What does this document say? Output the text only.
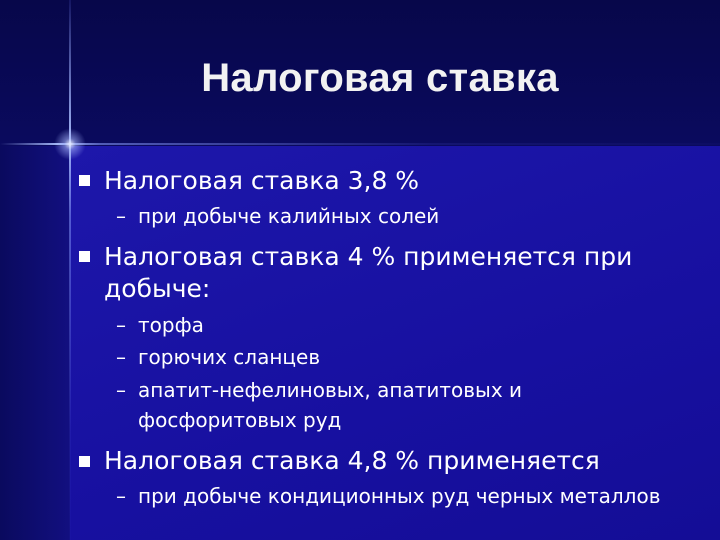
Налоговая ставка
Налоговая ставка 3,8 %
– при добыче калийных солей
Налоговая ставка 4 % применяется при
добыче:
– торфа
– горючих сланцев
– апатит-нефелиновых, апатитовых и
фосфоритовых руд
Налоговая ставка 4,8 % применяется
– при добыче кондиционных руд черных металлов
